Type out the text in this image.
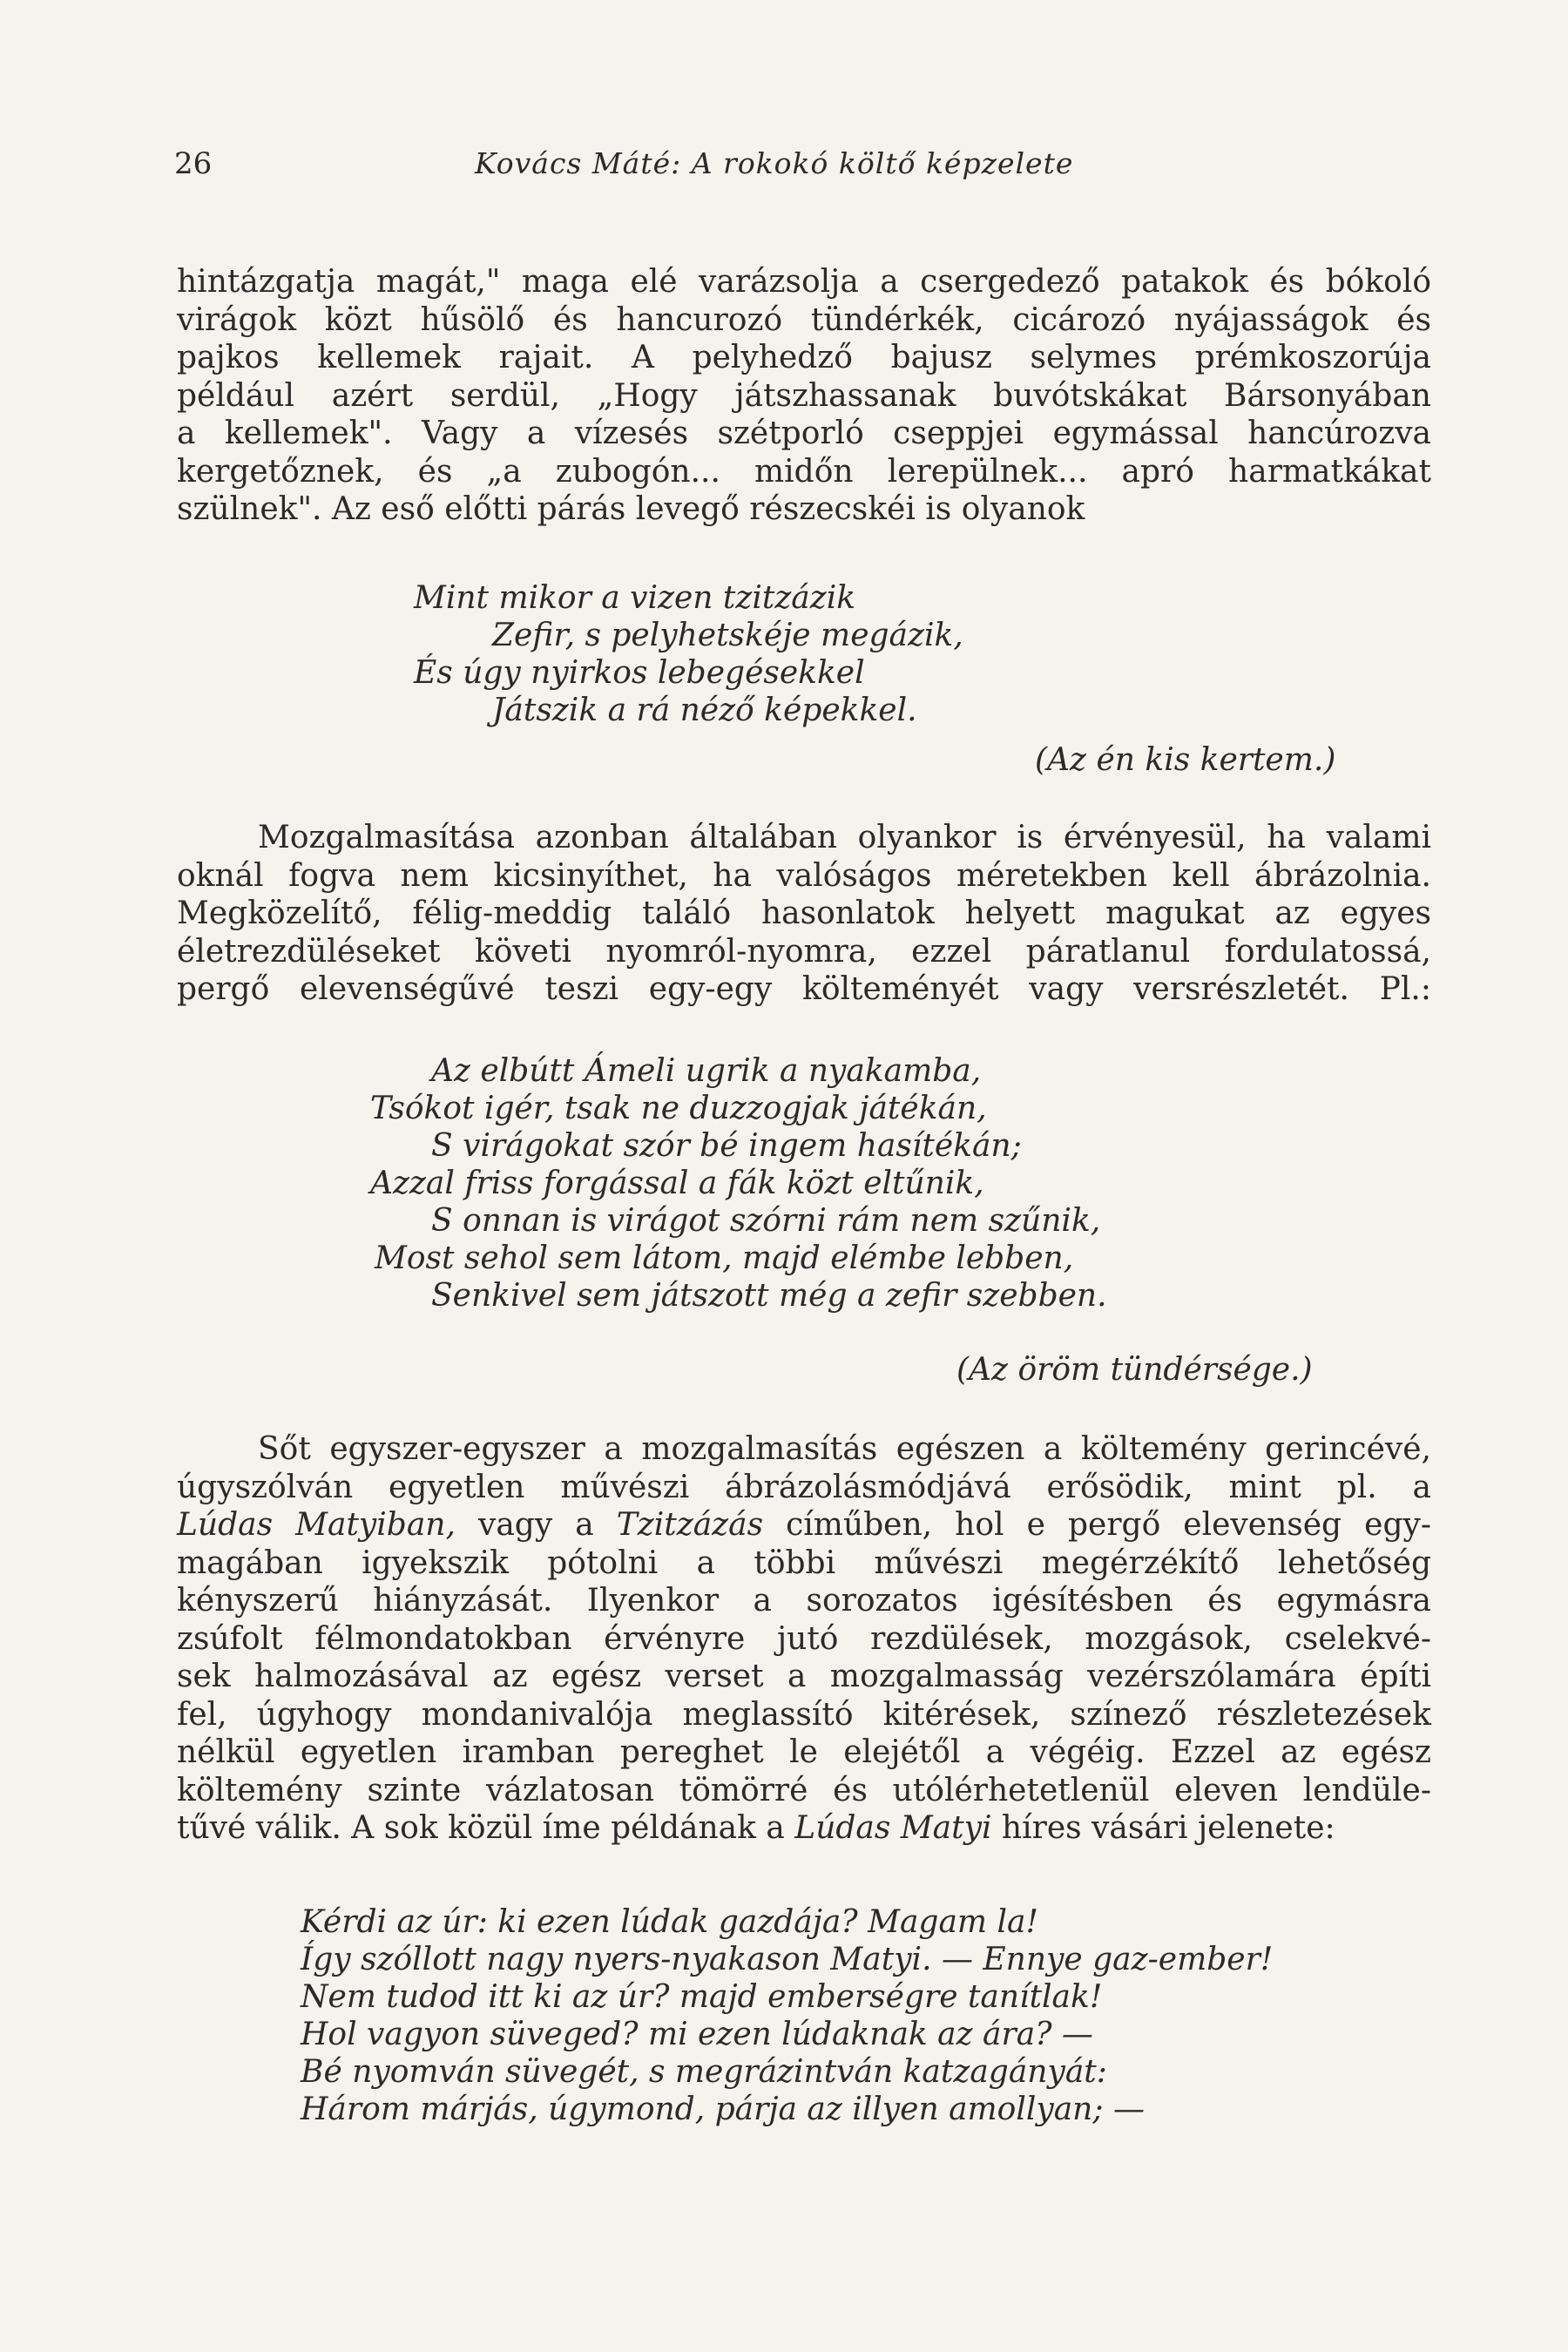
26	Kovács Máté: A rokokó költő képzelete
hintázgatja magát," maga elé varázsolja a csergedező patakok és bókoló
virágok közt hűsölő és hancurozó tündérkék, cicározó nyájasságok és
pajkos kellemek rajait. A pelyhedző bajusz selymes prémkoszorúja
például azért serdül, „Hogy játszhassanak buvótskákat Bársonyában
a kellemek". Vagy a vízesés szétporló cseppjei egymással hancúrozva
kergetőznek, és „a zubogón... midőn lerepülnek... apró harmatkákat
szülnek". Az eső előtti párás levegő részecskéi is olyanok
Mint mikor a vizen tzitzázik
Zefir, s pelyhetskéje megázik,
És úgy nyirkos lebegésekkel
Játszik a rá néző képekkel.
(Az én kis kertem.)
Mozgalmasítása azonban általában olyankor is érvényesül, ha valami
oknál fogva nem kicsinyíthet, ha valóságos méretekben kell ábrázolnia.
Megközelítő, félig-meddig találó hasonlatok helyett magukat az egyes
életrezdüléseket követi nyomról-nyomra, ezzel páratlanul fordulatossá,
pergő elevenségűvé teszi egy-egy költeményét vagy versrészletét. Pl.:
Az elbútt Ámeli ugrik a nyakamba,
Tsókot igér, tsak ne duzzogjak játékán,
S virágokat szór bé ingem hasítékán;
Azzal friss forgással a fák közt eltűnik,
S onnan is virágot szórni rám nem szűnik,
Most sehol sem látom, majd elémbe lebben,
Senkivel sem játszott még a zefir szebben.
(Az öröm tündérsége.)
Sőt egyszer-egyszer a mozgalmasítás egészen a költemény gerincévé,
úgyszólván egyetlen művészi ábrázolásmódjává erősödik, mint pl. a
Lúdas Matyiban, vagy a Tzitzázás címűben, hol e pergő elevenség egy-
magában igyekszik pótolni a többi művészi megérzékítő lehetőség
kényszerű hiányzását. Ilyenkor a sorozatos igésítésben és egymásra
zsúfolt félmondatokban érvényre jutó rezdülések, mozgások, cselekvé-
sek halmozásával az egész verset a mozgalmasság vezérszólamára építi
fel, úgyhogy mondanivalója meglassító kitérések, színező részletezések
nélkül egyetlen iramban pereghet le elejétől a végéig. Ezzel az egész
költemény szinte vázlatosan tömörré és utólérhetetlenül eleven lendüle-
tűvé válik. A sok közül íme példának a Lúdas Matyi híres vásári jelenete:
Kérdi az úr: ki ezen lúdak gazdája? Magam la!
Így szóllott nagy nyers-nyakason Matyi. — Ennye gaz-ember!
Nem tudod itt ki az úr? majd emberségre tanítlak!
Hol vagyon süveged? mi ezen lúdaknak az ára? —
Bé nyomván süvegét, s megrázintván katzagányát:
Három márjás, úgymond, párja az illyen amollyan; —
